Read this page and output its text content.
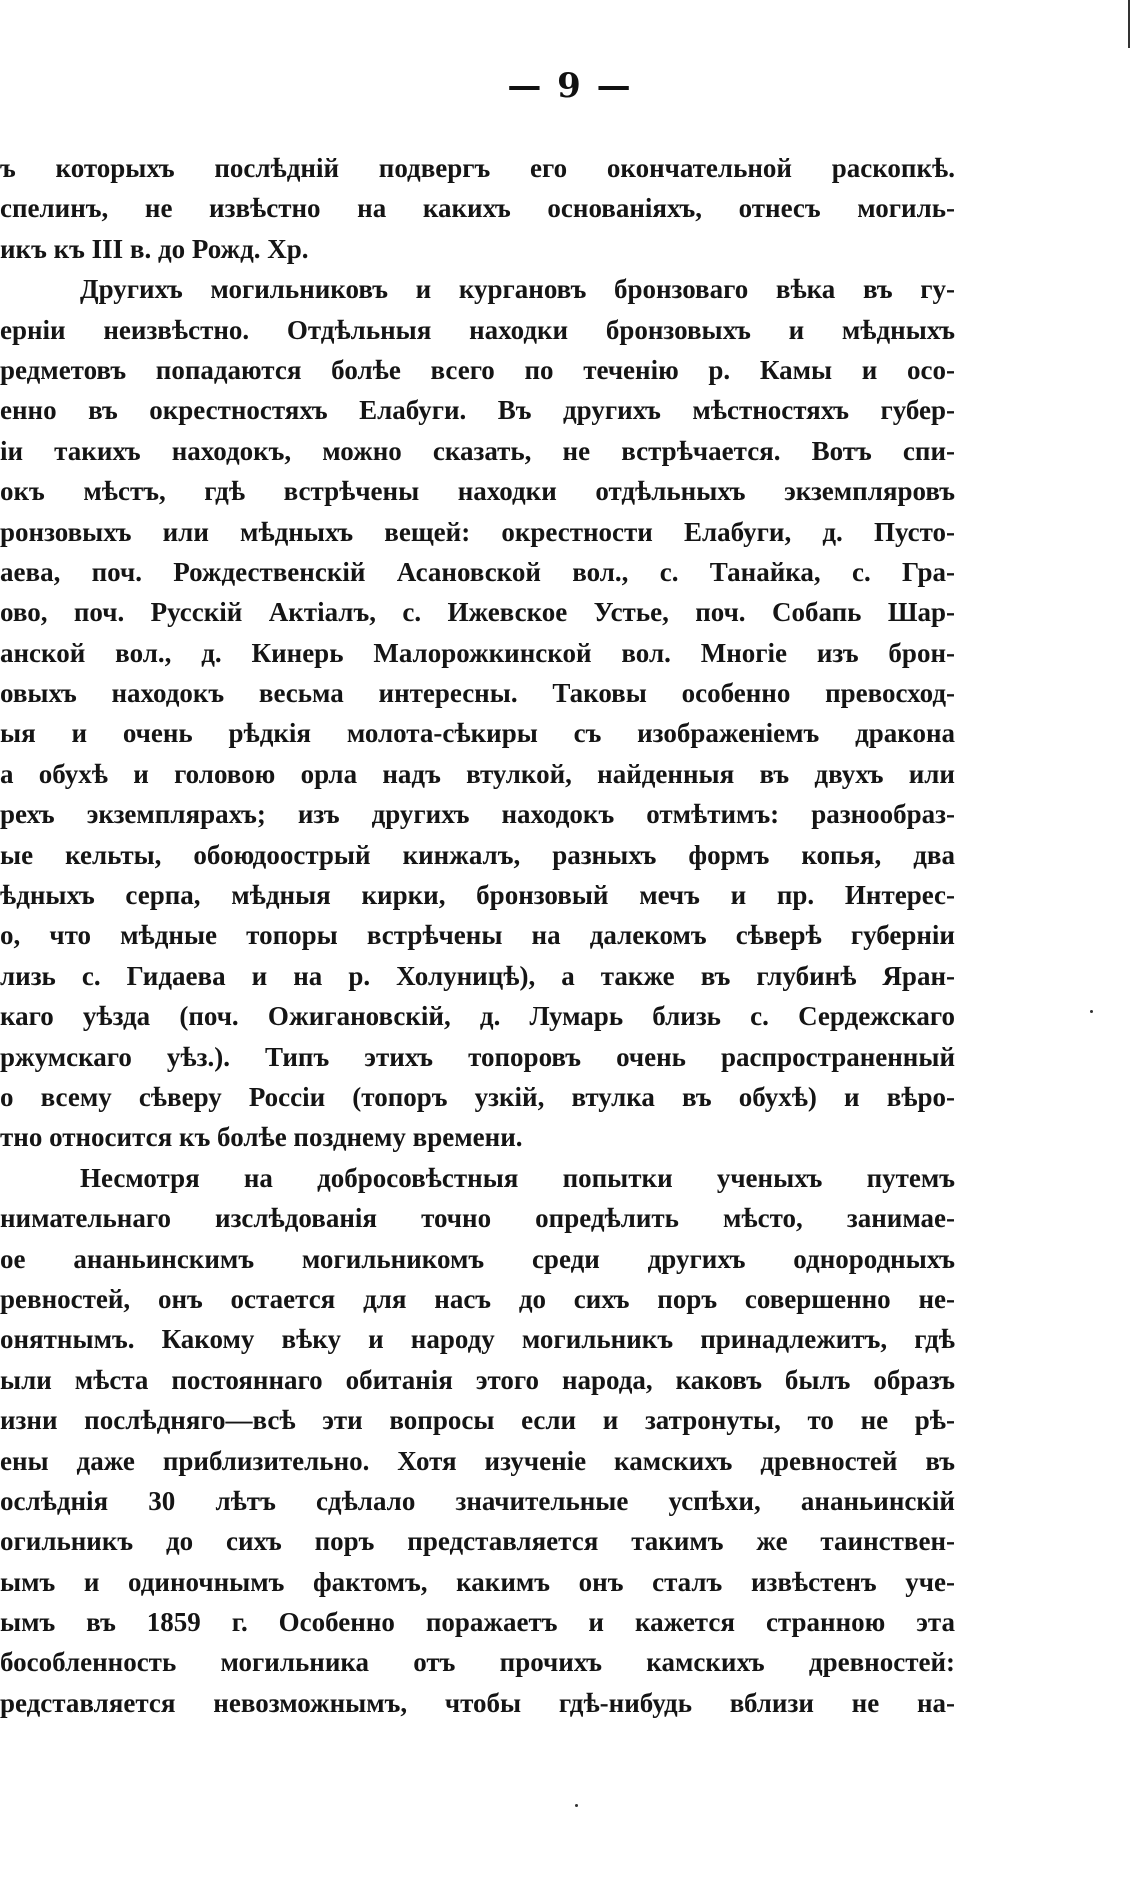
— 9 —
ъ которыхъ послѣдній подвергъ его окончательной раскопкѣ.
спелинъ, не извѣстно на какихъ основаніяхъ, отнесъ могиль-
икъ къ III в. до Рожд. Хр.
Другихъ могильниковъ и кургановъ бронзоваго вѣка въ гу-
ерніи неизвѣстно. Отдѣльныя находки бронзовыхъ и мѣдныхъ
редметовъ попадаются болѣе всего по теченію р. Камы и осо-
енно въ окрестностяхъ Елабуги. Въ другихъ мѣстностяхъ губер-
іи такихъ находокъ, можно сказать, не встрѣчается. Вотъ спи-
окъ мѣстъ, гдѣ встрѣчены находки отдѣльныхъ экземпляровъ
ронзовыхъ или мѣдныхъ вещей: окрестности Елабуги, д. Пусто-
аева, поч. Рождественскій Асановской вол., с. Танайка, с. Гра-
ово, поч. Русскій Актіалъ, с. Ижевское Устье, поч. Собапь Шар-
анской вол., д. Кинерь Малорожкинской вол. Многіе изъ брон-
овыхъ находокъ весьма интересны. Таковы особенно превосход-
ыя и очень рѣдкія молота-сѣкиры съ изображеніемъ дракона
а обухѣ и головою орла надъ втулкой, найденныя въ двухъ или
рехъ экземплярахъ; изъ другихъ находокъ отмѣтимъ: разнообраз-
ые кельты, обоюдоострый кинжалъ, разныхъ формъ копья, два
ѣдныхъ серпа, мѣдныя кирки, бронзовый мечъ и пр. Интерес-
о, что мѣдные топоры встрѣчены на далекомъ сѣверѣ губерніи
лизь с. Гидаева и на р. Холуницѣ), а также въ глубинѣ Яран-
каго уѣзда (поч. Ожигановскій, д. Лумарь близь с. Сердежскаго
ржумскаго уѣз.). Типъ этихъ топоровъ очень распространенный
о всему сѣверу Россіи (топоръ узкій, втулка въ обухѣ) и вѣро-
тно относится къ болѣе позднему времени.
Несмотря на добросовѣстныя попытки ученыхъ путемъ
нимательнаго изслѣдованія точно опредѣлить мѣсто, занимае-
ое ананьинскимъ могильникомъ среди другихъ однородныхъ
ревностей, онъ остается для насъ до сихъ поръ совершенно не-
онятнымъ. Какому вѣку и народу могильникъ принадлежитъ, гдѣ
ыли мѣста постояннаго обитанія этого народа, каковъ былъ образъ
изни послѣдняго—всѣ эти вопросы если и затронуты, то не рѣ-
ены даже приблизительно. Хотя изученіе камскихъ древностей въ
ослѣднія 30 лѣтъ сдѣлало значительные успѣхи, ананьинскій
огильникъ до сихъ поръ представляется такимъ же таинствен-
ымъ и одиночнымъ фактомъ, какимъ онъ сталъ извѣстенъ уче-
ымъ въ 1859 г. Особенно поражаетъ и кажется странною эта
бособленность могильника отъ прочихъ камскихъ древностей:
редставляется невозможнымъ, чтобы гдѣ-нибудь вблизи не на-
